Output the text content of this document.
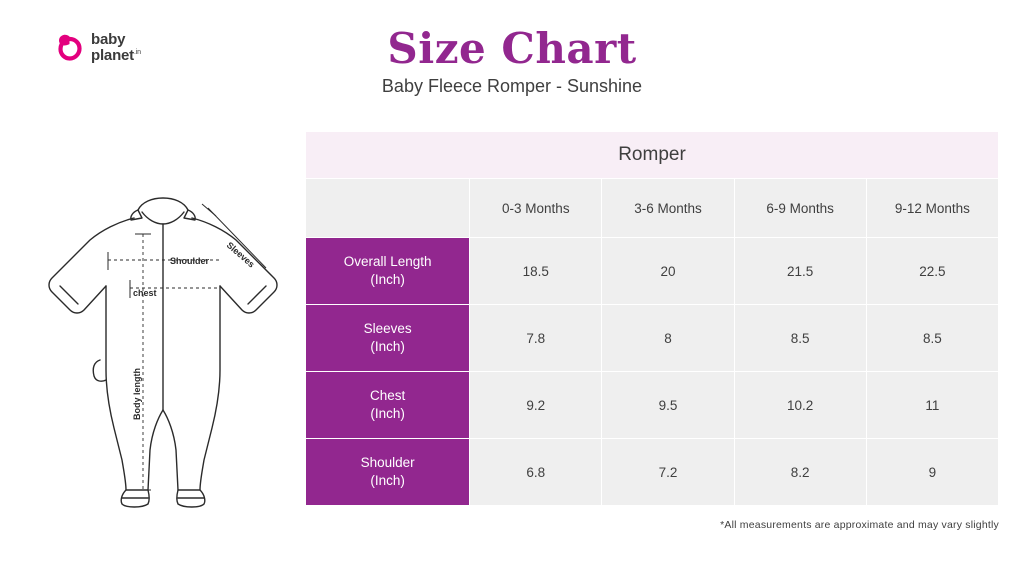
baby
planet$^{.in}$	Size Chart
Baby Fleece Romper - Sunshine
Sleeves
Shoulder
chest
Body length
Romper				
	0-3 Months	3-6 Months	6-9 Months	9-12 Months
Overall Length
(Inch)	18.5	20	21.5	22.5
Sleeves
(Inch)	7.8	8	8.5	8.5
Chest
(Inch)	9.2	9.5	10.2	11
Shoulder
(Inch)	6.8	7.2	8.2	9
*All measurements are approximate and may vary slightly
